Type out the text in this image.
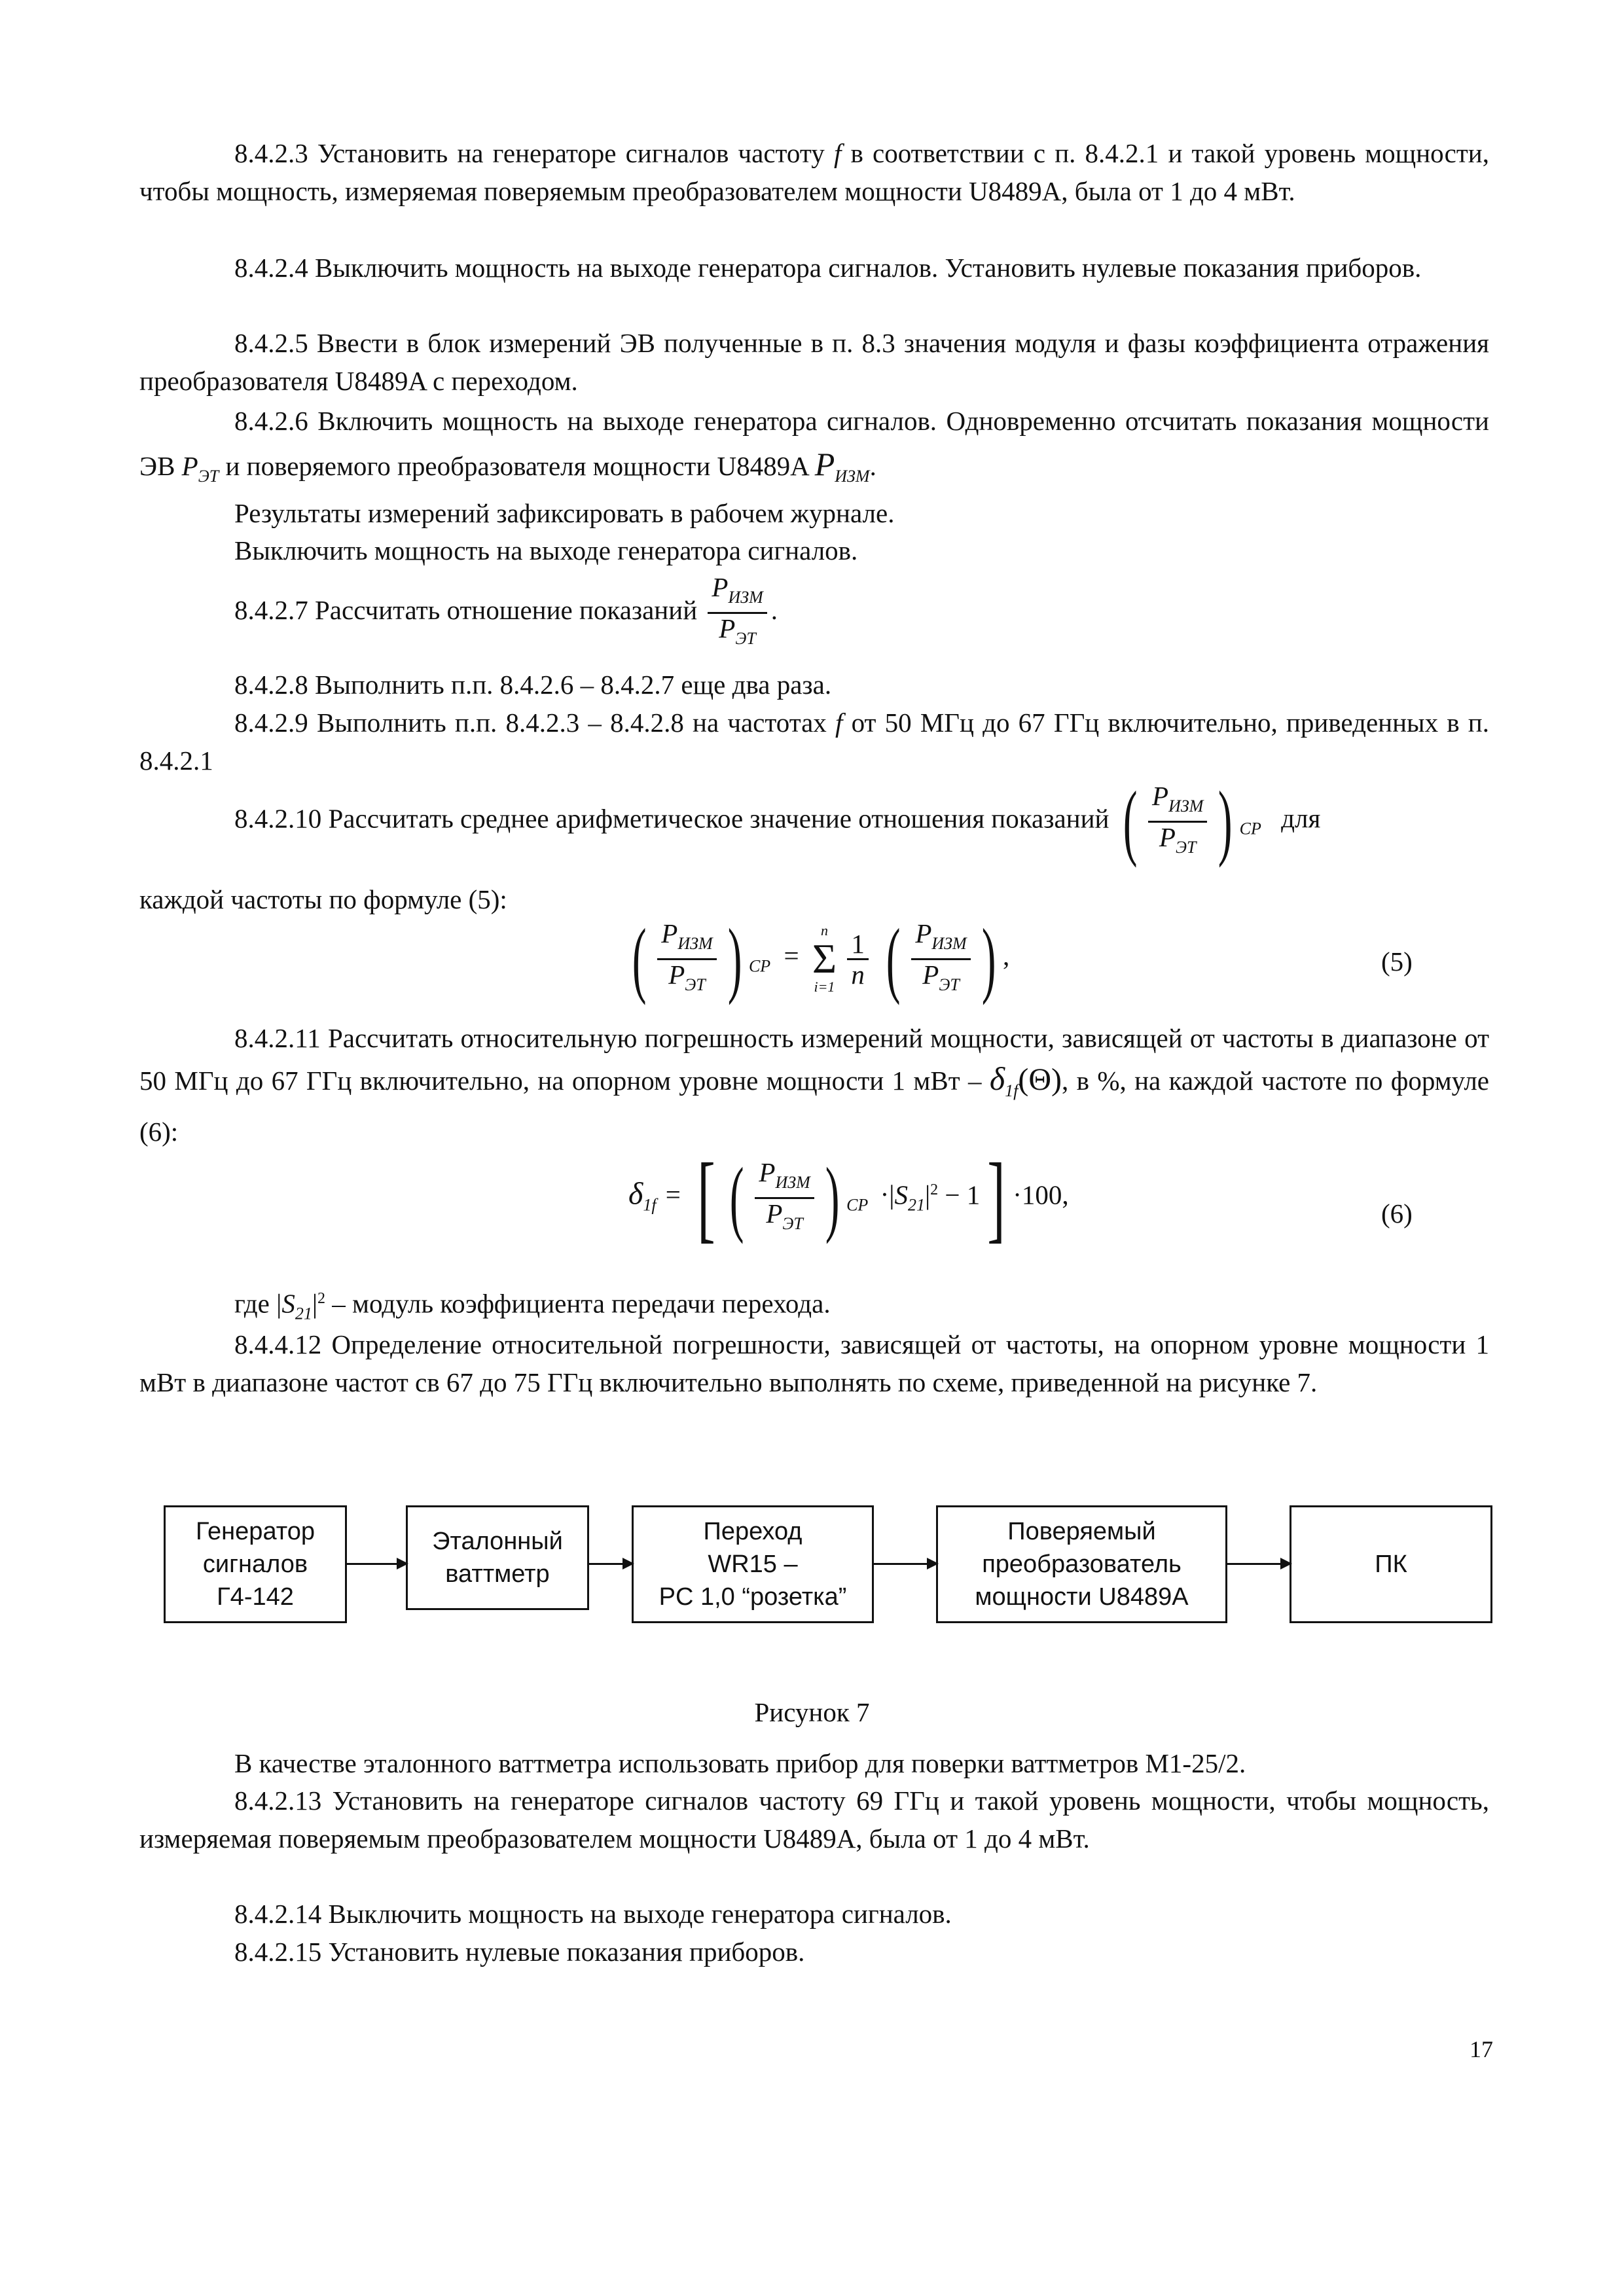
8.4.2.3 Установить на генераторе сигналов частоту f в соответствии с п. 8.4.2.1 и такой уровень мощности, чтобы мощность, измеряемая поверяемым преобразователем мощности U8489A, была от 1 до 4 мВт.

8.4.2.4 Выключить мощность на выходе генератора сигналов. Установить нулевые показания приборов.

8.4.2.5 Ввести в блок измерений ЭВ полученные в п. 8.3 значения модуля и фазы коэффициента отражения преобразователя U8489A с переходом.

8.4.2.6 Включить мощность на выходе генератора сигналов. Одновременно отсчитать показания мощности ЭВ $P_{ЭТ}$ и поверяемого преобразователя мощности U8489A $P_{ИЗМ}$.

Результаты измерений зафиксировать в рабочем журнале.

Выключить мощность на выходе генератора сигналов.

8.4.2.7 Рассчитать отношение показаний $\frac{P_{ИЗМ}}{P_{ЭТ}}$ .

8.4.2.8 Выполнить п.п. 8.4.2.6 – 8.4.2.7 еще два раза.

8.4.2.9 Выполнить п.п. 8.4.2.3 – 8.4.2.8 на частотах f от 50 МГц до 67 ГГц включительно, приведенных в п. 8.4.2.1

8.4.2.10 Рассчитать среднее арифметическое значение отношения показаний ( $\frac{P_{ИЗМ}}{P_{ЭТ}}$ ) $_{СР}$ для

каждой частоты по формуле (5):

( $\frac{P_{ИЗМ}}{P_{ЭТ}}$ ) $_{СР}$ =
n
Σ
i=1
$\frac{1}{n}$ ( $\frac{P_{ИЗМ}}{P_{ЭТ}}$ ) ,	(5)
8.4.2.11 Рассчитать относительную погрешность измерений мощности, зависящей от частоты в диапазоне от 50 МГц до 67 ГГц включительно, на опорном уровне мощности 1 мВт – $\delta_{1f}(\Theta)$, в %, на каждой частоте по формуле (6):
$\delta_{1f}$ = [ ( $\frac{P_{ИЗМ}}{P_{ЭТ}}$ ) $_{СР} \cdot|S_{21}|^2 - 1] \cdot 100$,
(6)

где $|S_{21}|^2$ – модуль коэффициента передачи перехода.

8.4.4.12 Определение относительной погрешности, зависящей от частоты, на опорном уровне мощности 1 мВт в диапазоне частот св 67 до 75 ГГц включительно выполнять по схеме, приведенной на рисунке 7.

Генератор
сигналов
Г4-142
Эталонный
ваттметр
Переход
WR15 –
PC 1,0 “розетка”
Поверяемый
преобразователь
мощности U8489A
ПК
Рисунок 7

В качестве эталонного ваттметра использовать прибор для поверки ваттметров М1-25/2.

8.4.2.13 Установить на генераторе сигналов частоту 69 ГГц и такой уровень мощности, чтобы мощность, измеряемая поверяемым преобразователем мощности U8489A, была от 1 до 4 мВт.

8.4.2.14 Выключить мощность на выходе генератора сигналов.

8.4.2.15 Установить нулевые показания приборов.

17
